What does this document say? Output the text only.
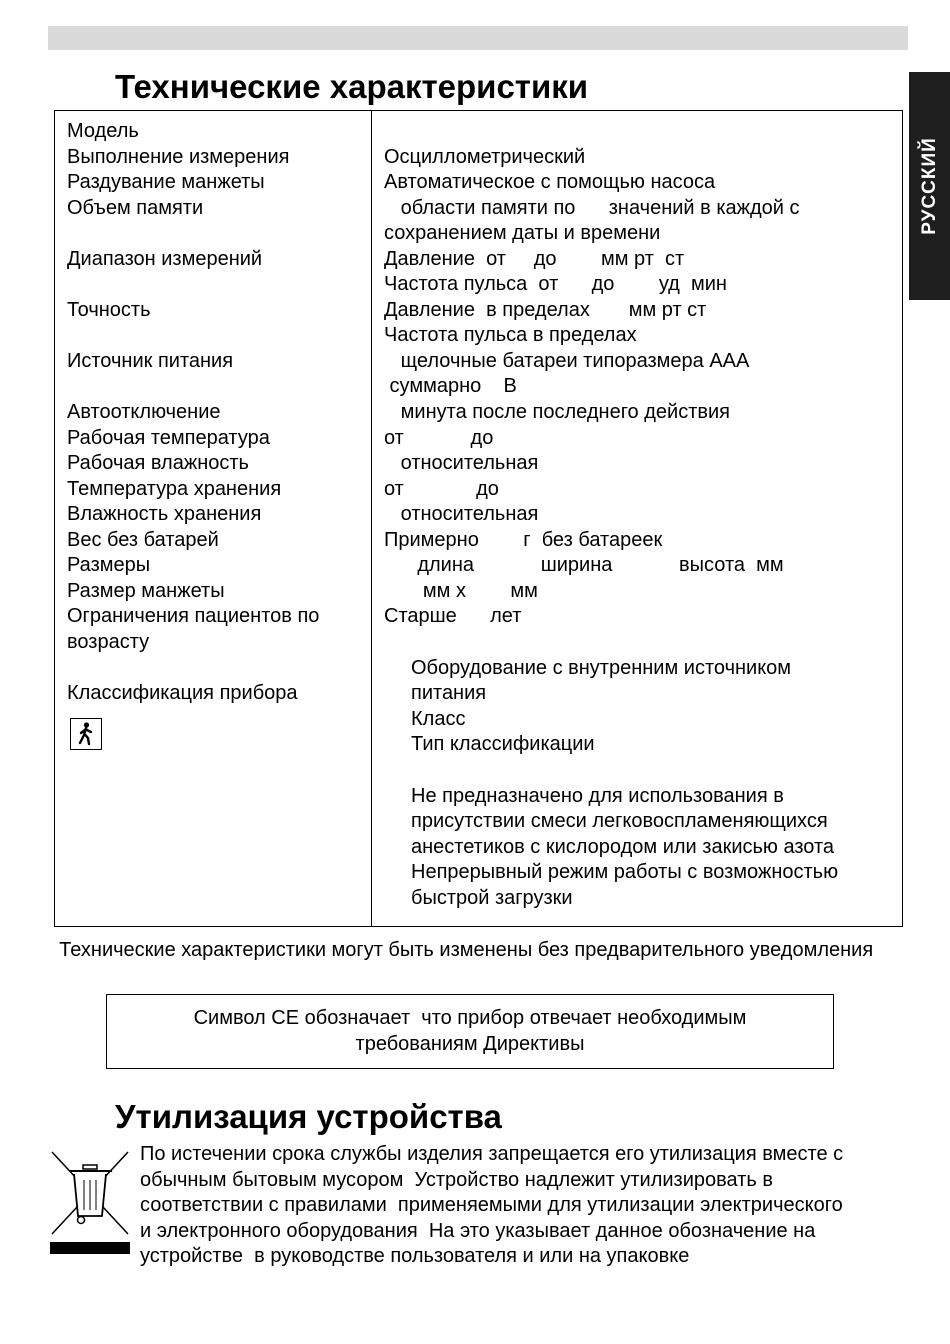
РУССКИЙ
Технические характеристики
Модель
Выполнение измерения
Раздувание манжеты
Объем памяти
Диапазон измерений
Точность
Источник питания
Автоотключение
Рабочая температура
Рабочая влажность
Температура хранения
Влажность хранения
Вес без батарей
Размеры
Размер манжеты
Ограничения пациентов по
возрасту
Классификация прибора
Осциллометрический
Автоматическое с помощью насоса
области памяти по      значений в каждой с
сохранением даты и времени
Давление  от     до        мм рт  ст
Частота пульса  от      до        уд  мин
Давление  в пределах       мм рт ст
Частота пульса в пределах
щелочные батареи типоразмера ААА
суммарно    В
минута после последнего действия
от            до
относительная
от             до
относительная
Примерно        г  без батареек
длина            ширина            высота  мм
мм х        мм
Старше      лет
Оборудование с внутренним источником
питания
Класс
Тип классификации
Не предназначено для использования в
присутствии смеси легковоспламеняющихся
анестетиков с кислородом или закисью азота
Непрерывный режим работы с возможностью
быстрой загрузки
Технические характеристики могут быть изменены без предварительного уведомления
Символ CE обозначает  что прибор отвечает необходимым
требованиям Директивы
Утилизация устройства
По истечении срока службы изделия запрещается его утилизация вместе с
обычным бытовым мусором  Устройство надлежит утилизировать в
соответствии с правилами  применяемыми для утилизации электрического
и электронного оборудования  На это указывает данное обозначение на
устройстве  в руководстве пользователя и или на упаковке
